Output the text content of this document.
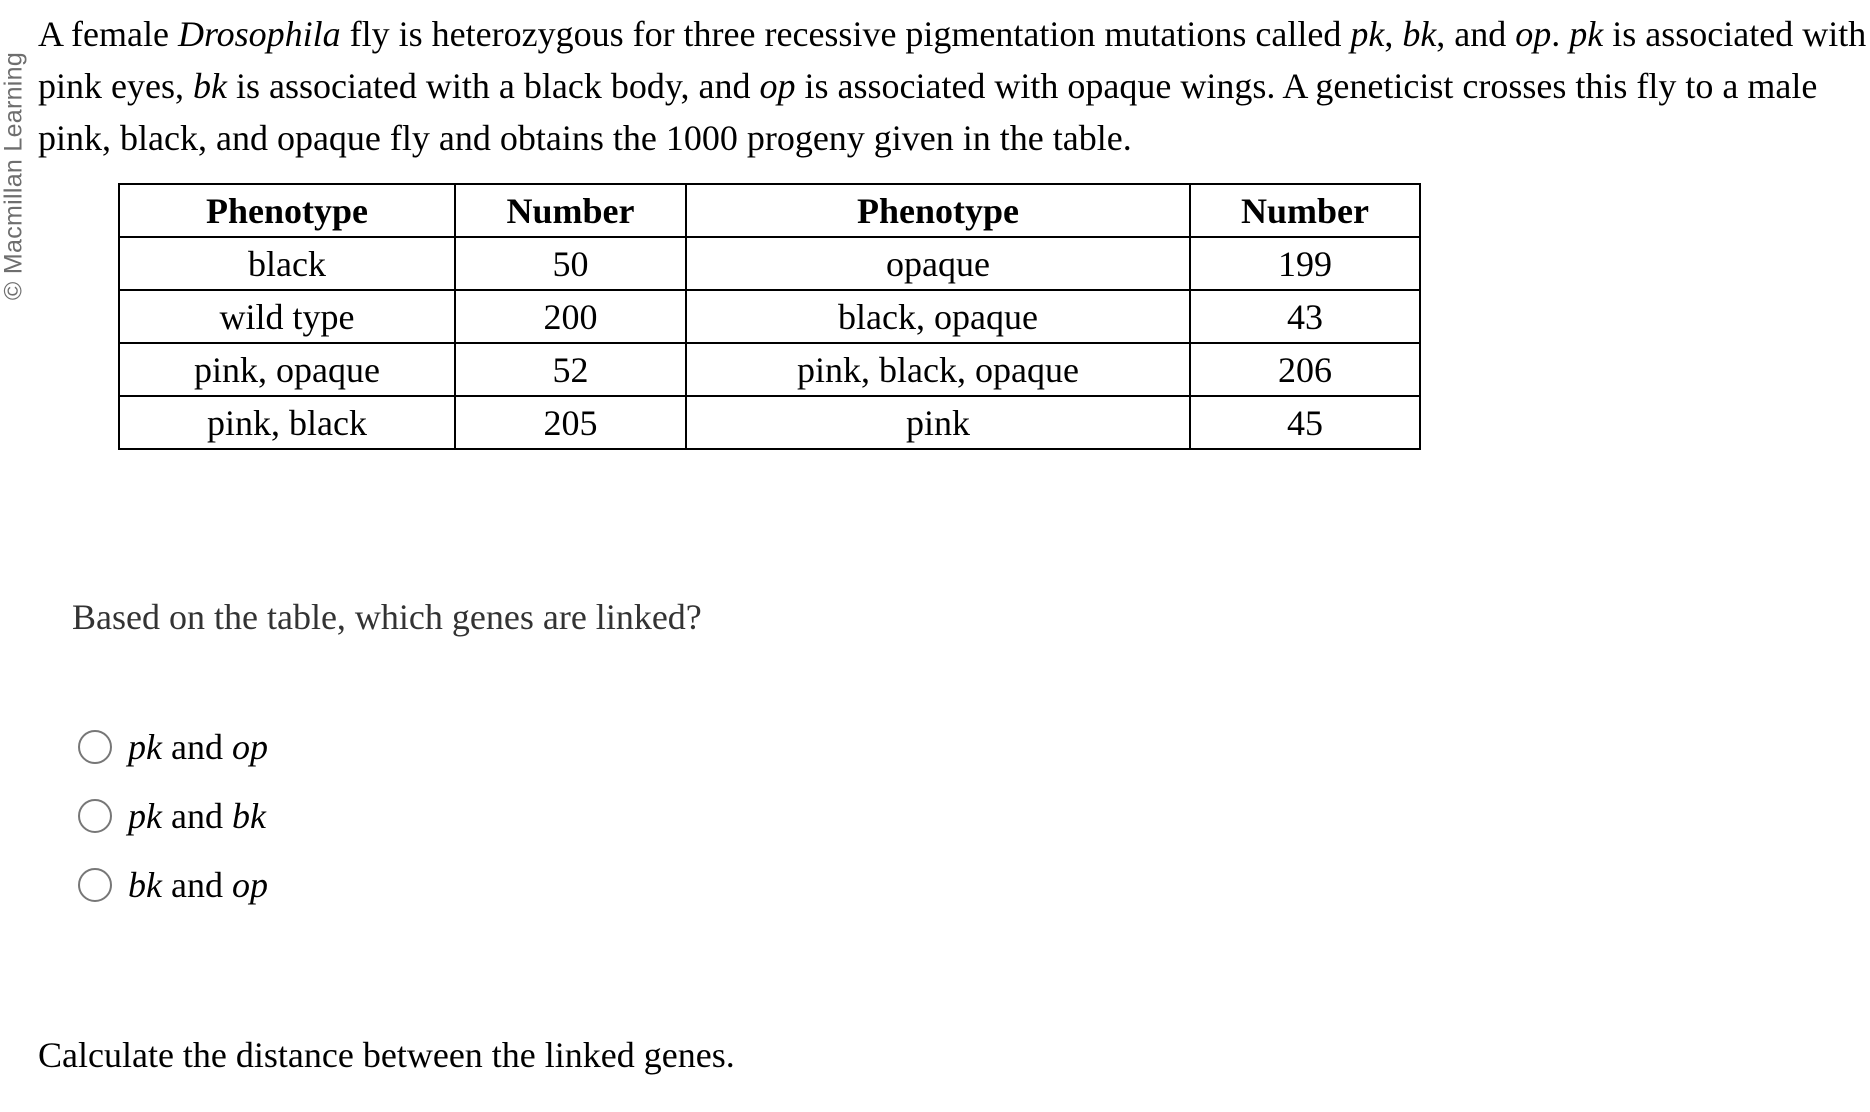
© Macmillan Learning
A female Drosophila fly is heterozygous for three recessive pigmentation mutations called pk, bk, and op. pk is associated with
pink eyes, bk is associated with a black body, and op is associated with opaque wings. A geneticist crosses this fly to a male
pink, black, and opaque fly and obtains the 1000 progeny given in the table.
Phenotype	Number	Phenotype	Number
black	50	opaque	199
wild type	200	black, opaque	43
pink, opaque	52	pink, black, opaque	206
pink, black	205	pink	45
Based on the table, which genes are linked?
pk and op
pk and bk
bk and op
Calculate the distance between the linked genes.
